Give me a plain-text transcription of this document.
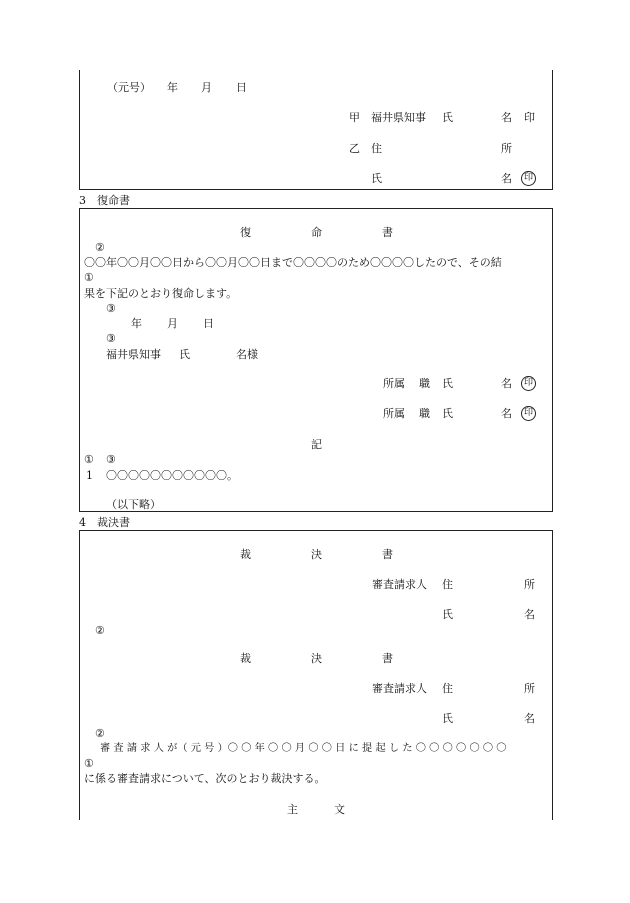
（元号） 年 月 日
甲 福井県知事 氏	名 印
乙 住	所
氏	名	印
3　復命書
復	命	書
②
〇〇年〇〇月〇〇日から〇〇月〇〇日まで〇〇〇〇のため〇〇〇〇したので、その結
①
果を下記のとおり復命します。
③
年 月 日
③
福井県知事 氏	名様
所属 職 氏	名	印
所属 職 氏	名	印
記
① ③
1 〇〇〇〇〇〇〇〇〇〇〇。
（以下略）
4　裁決書
裁	決	書
審査請求人 住	所
氏	名
②
裁	決	書
審査請求人 住	所
氏	名
②
審 査 請 求 人 が（ 元 号 ）〇 〇 年 〇 〇 月 〇 〇 日 に 提 起 し た 〇 〇 〇 〇 〇 〇 〇
①
に係る審査請求について、次のとおり裁決する。
主	文
